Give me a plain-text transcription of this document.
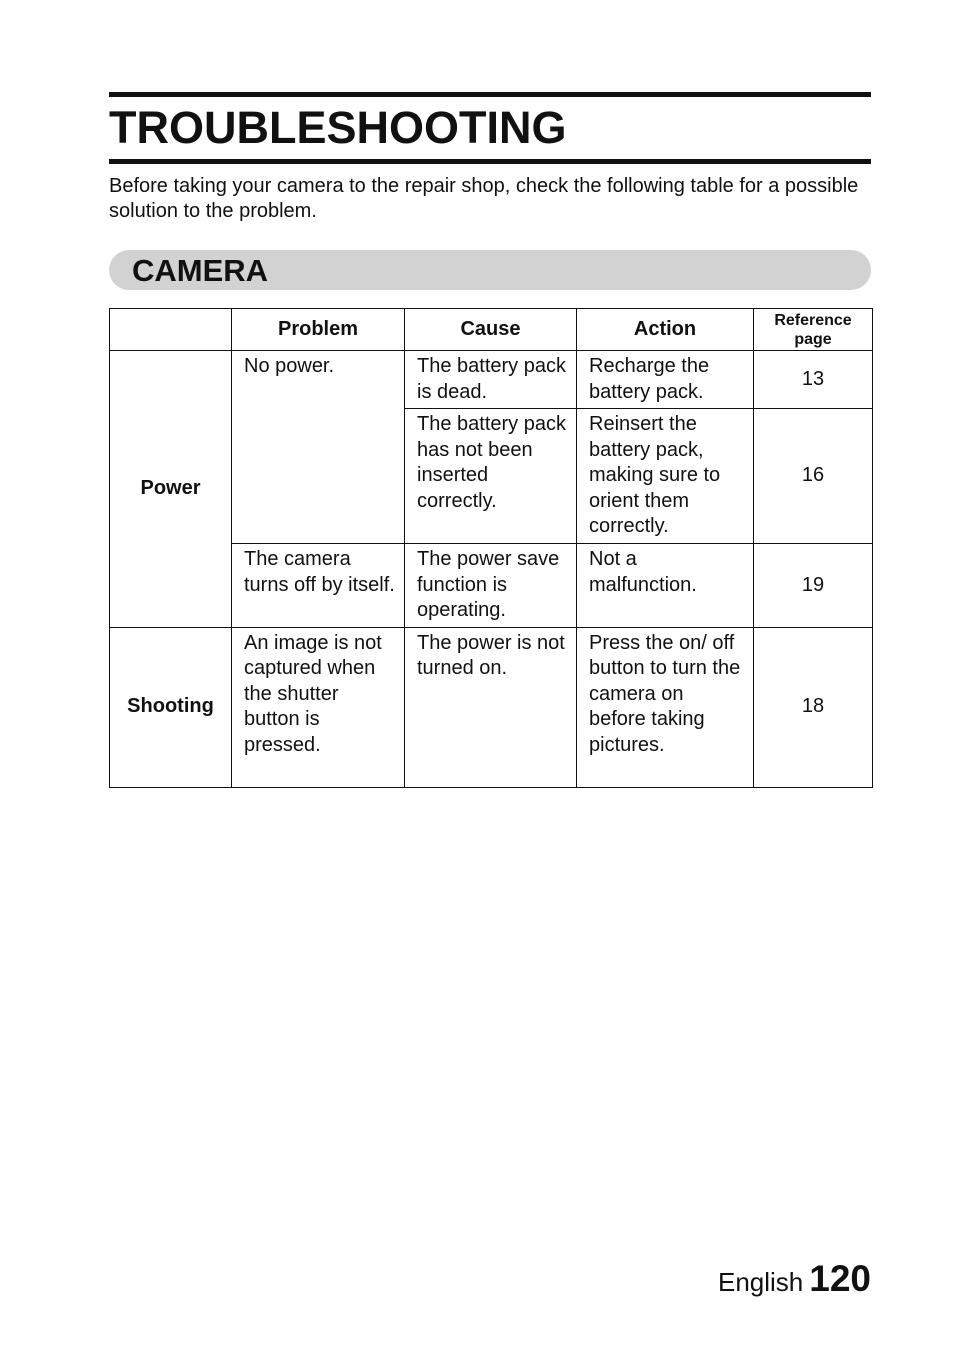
TROUBLESHOOTING
Before taking your camera to the repair shop, check the following table for a possible solution to the problem.
CAMERA
	Problem	Cause	Action	Reference
page
Power	No power.	The battery pack is dead.	Recharge the battery pack.	13
		The battery pack has not been inserted correctly.	Reinsert the battery pack, making sure to orient them correctly.	16
	The camera turns off by itself.	The power save function is operating.	Not a malfunction.	19
Shooting	An image is not captured when the shutter button is pressed.	The power is not turned on.	Press the on/ off button to turn the camera on before taking pictures.	18
English 120
